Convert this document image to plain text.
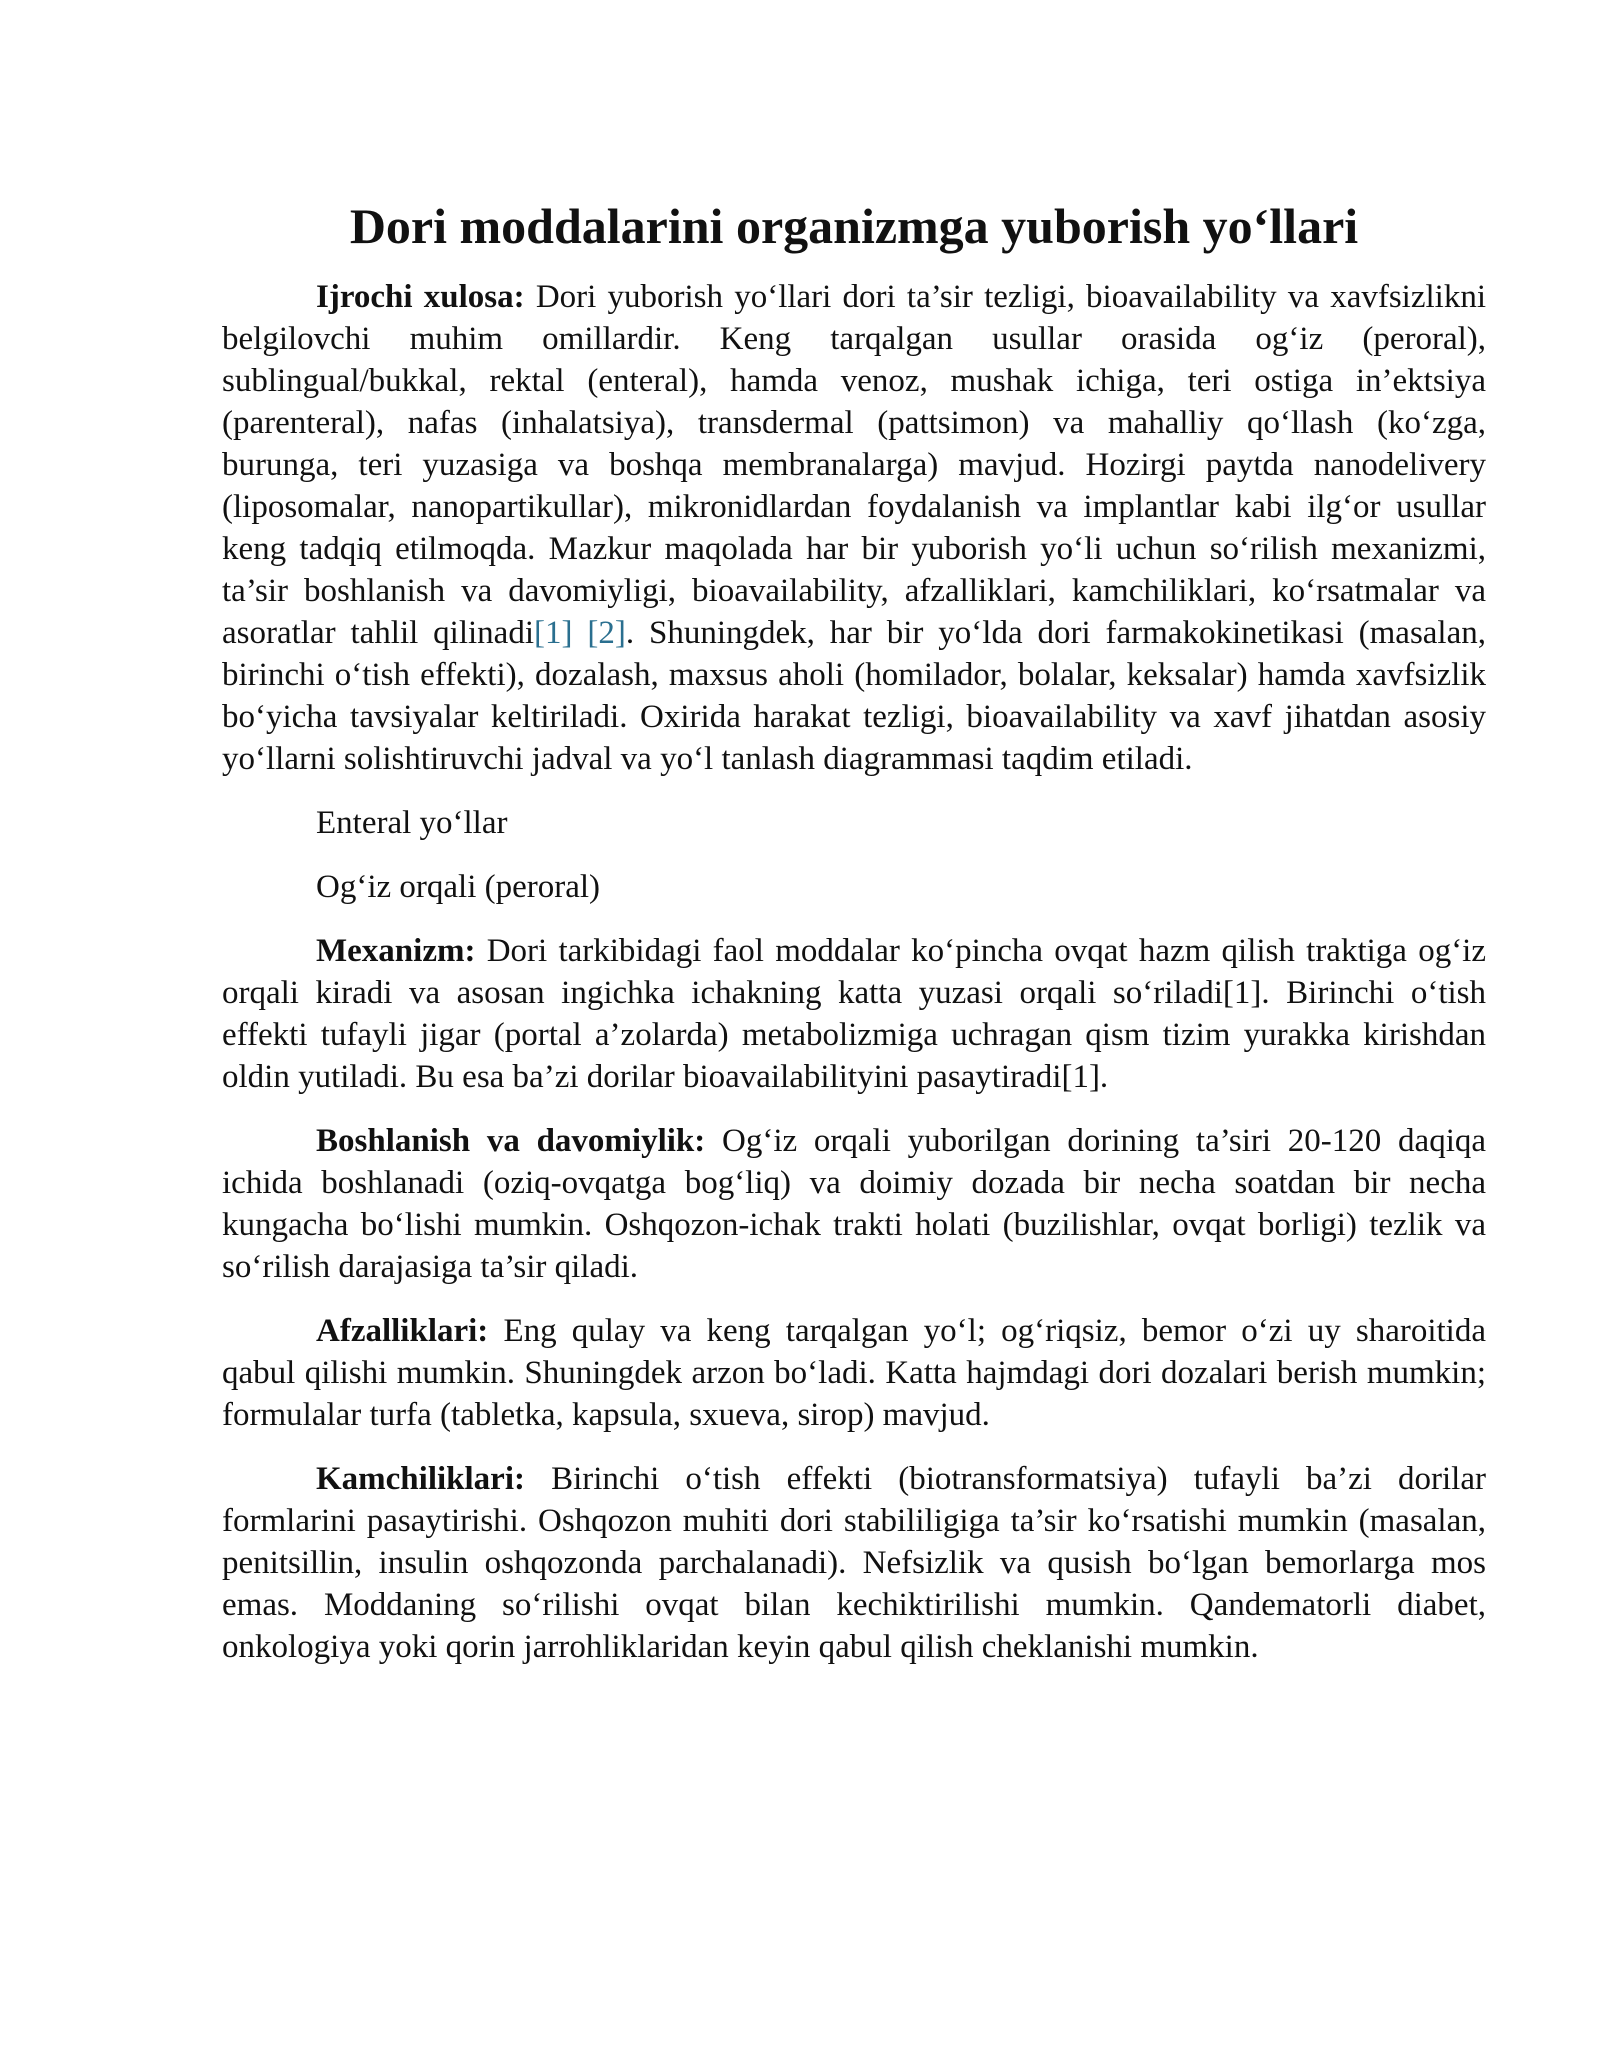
Dori moddalarini organizmga yuborish yo‘llari

Ijrochi xulosa: Dori yuborish yo‘llari dori ta’sir tezligi, bioavailability va xavfsizlikni belgilovchi muhim omillardir. Keng tarqalgan usullar orasida og‘iz (peroral), sublingual/bukkal, rektal (enteral), hamda venoz, mushak ichiga, teri ostiga in’ektsiya (parenteral), nafas (inhalatsiya), transdermal (pattsimon) va mahalliy qo‘llash (ko‘zga, burunga, teri yuzasiga va boshqa membranalarga) mavjud. Hozirgi paytda nanodelivery (liposomalar, nanopartikullar), mikronidlardan foydalanish va implantlar kabi ilg‘or usullar keng tadqiq etilmoqda. Mazkur maqolada har bir yuborish yo‘li uchun so‘rilish mexanizmi, ta’sir boshlanish va davomiyligi, bioavailability, afzalliklari, kamchiliklari, ko‘rsatmalar va asoratlar tahlil qilinadi[1] [2]. Shuningdek, har bir yo‘lda dori farmakokinetikasi (masalan, birinchi o‘tish effekti), dozalash, maxsus aholi (homilador, bolalar, keksalar) hamda xavfsizlik bo‘yicha tavsiyalar keltiriladi. Oxirida harakat tezligi, bioavailability va xavf jihatdan asosiy yo‘llarni solishtiruvchi jadval va yo‘l tanlash diagrammasi taqdim etiladi.

Enteral yo‘llar

Og‘iz orqali (peroral)

Mexanizm: Dori tarkibidagi faol moddalar ko‘pincha ovqat hazm qilish traktiga og‘iz orqali kiradi va asosan ingichka ichakning katta yuzasi orqali so‘riladi[1]. Birinchi o‘tish effekti tufayli jigar (portal a’zolarda) metabolizmiga uchragan qism tizim yurakka kirishdan oldin yutiladi. Bu esa ba’zi dorilar bioavailabilityini pasaytiradi[1].

Boshlanish va davomiylik: Og‘iz orqali yuborilgan dorining ta’siri 20-120 daqiqa ichida boshlanadi (oziq-ovqatga bog‘liq) va doimiy dozada bir necha soatdan bir necha kungacha bo‘lishi mumkin. Oshqozon-ichak trakti holati (buzilishlar, ovqat borligi) tezlik va so‘rilish darajasiga ta’sir qiladi.

Afzalliklari: Eng qulay va keng tarqalgan yo‘l; og‘riqsiz, bemor o‘zi uy sharoitida qabul qilishi mumkin. Shuningdek arzon bo‘ladi. Katta hajmdagi dori dozalari berish mumkin; formulalar turfa (tabletka, kapsula, sxueva, sirop) mavjud.

Kamchiliklari: Birinchi o‘tish effekti (biotransformatsiya) tufayli ba’zi dorilar formlarini pasaytirishi. Oshqozon muhiti dori stabililigiga ta’sir ko‘rsatishi mumkin (masalan, penitsillin, insulin oshqozonda parchalanadi). Nefsizlik va qusish bo‘lgan bemorlarga mos emas. Moddaning so‘rilishi ovqat bilan kechiktirilishi mumkin. Qandematorli diabet, onkologiya yoki qorin jarrohliklaridan keyin qabul qilish cheklanishi mumkin.
